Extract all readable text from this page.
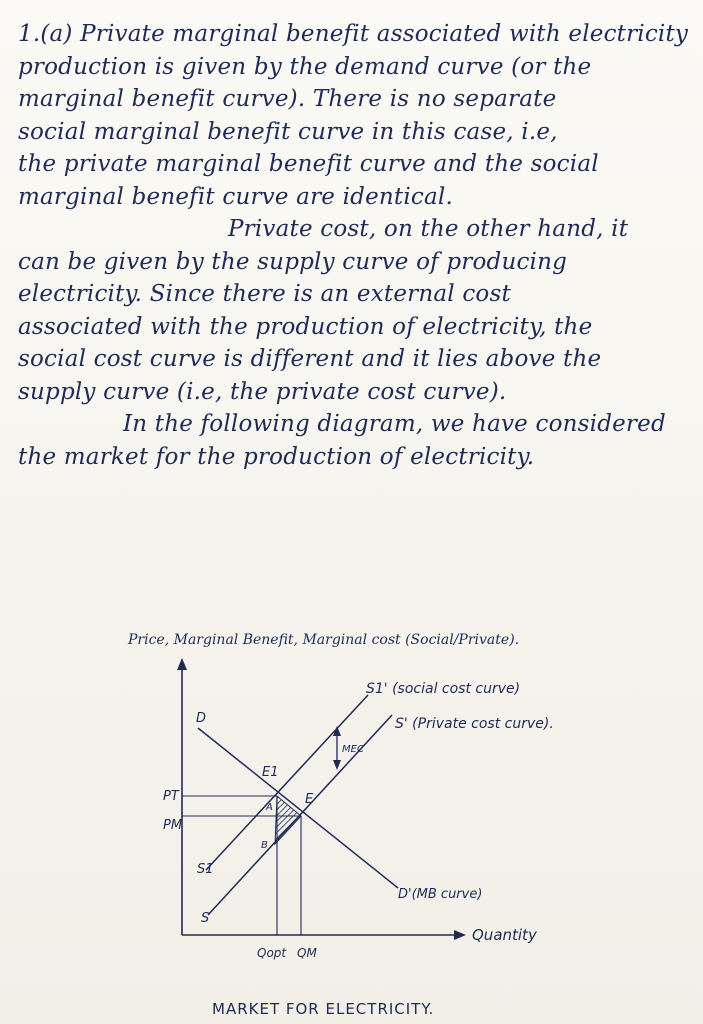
1.(a) Private marginal benefit associated with electricity
production is given by the demand curve (or the
marginal benefit curve). There is no separate
social marginal benefit curve in this case, i.e,
the private marginal benefit curve and the social
marginal benefit curve are identical.
Private cost, on the other hand, it
can be given by the supply curve of producing
electricity. Since there is an external cost
associated with the production of electricity, the
social cost curve is different and it lies above the
supply curve (i.e, the private cost curve).
In the following diagram, we have considered
the market for the production of electricity.
Price, Marginal Benefit, Marginal cost (Social/Private).
D
S1' (social cost curve)
S' (Private cost curve).
MEC
E1
E
A
B
PT
PM
S1
S
D'(MB curve)
Qopt QM
Quantity
MARKET FOR ELECTRICITY.
